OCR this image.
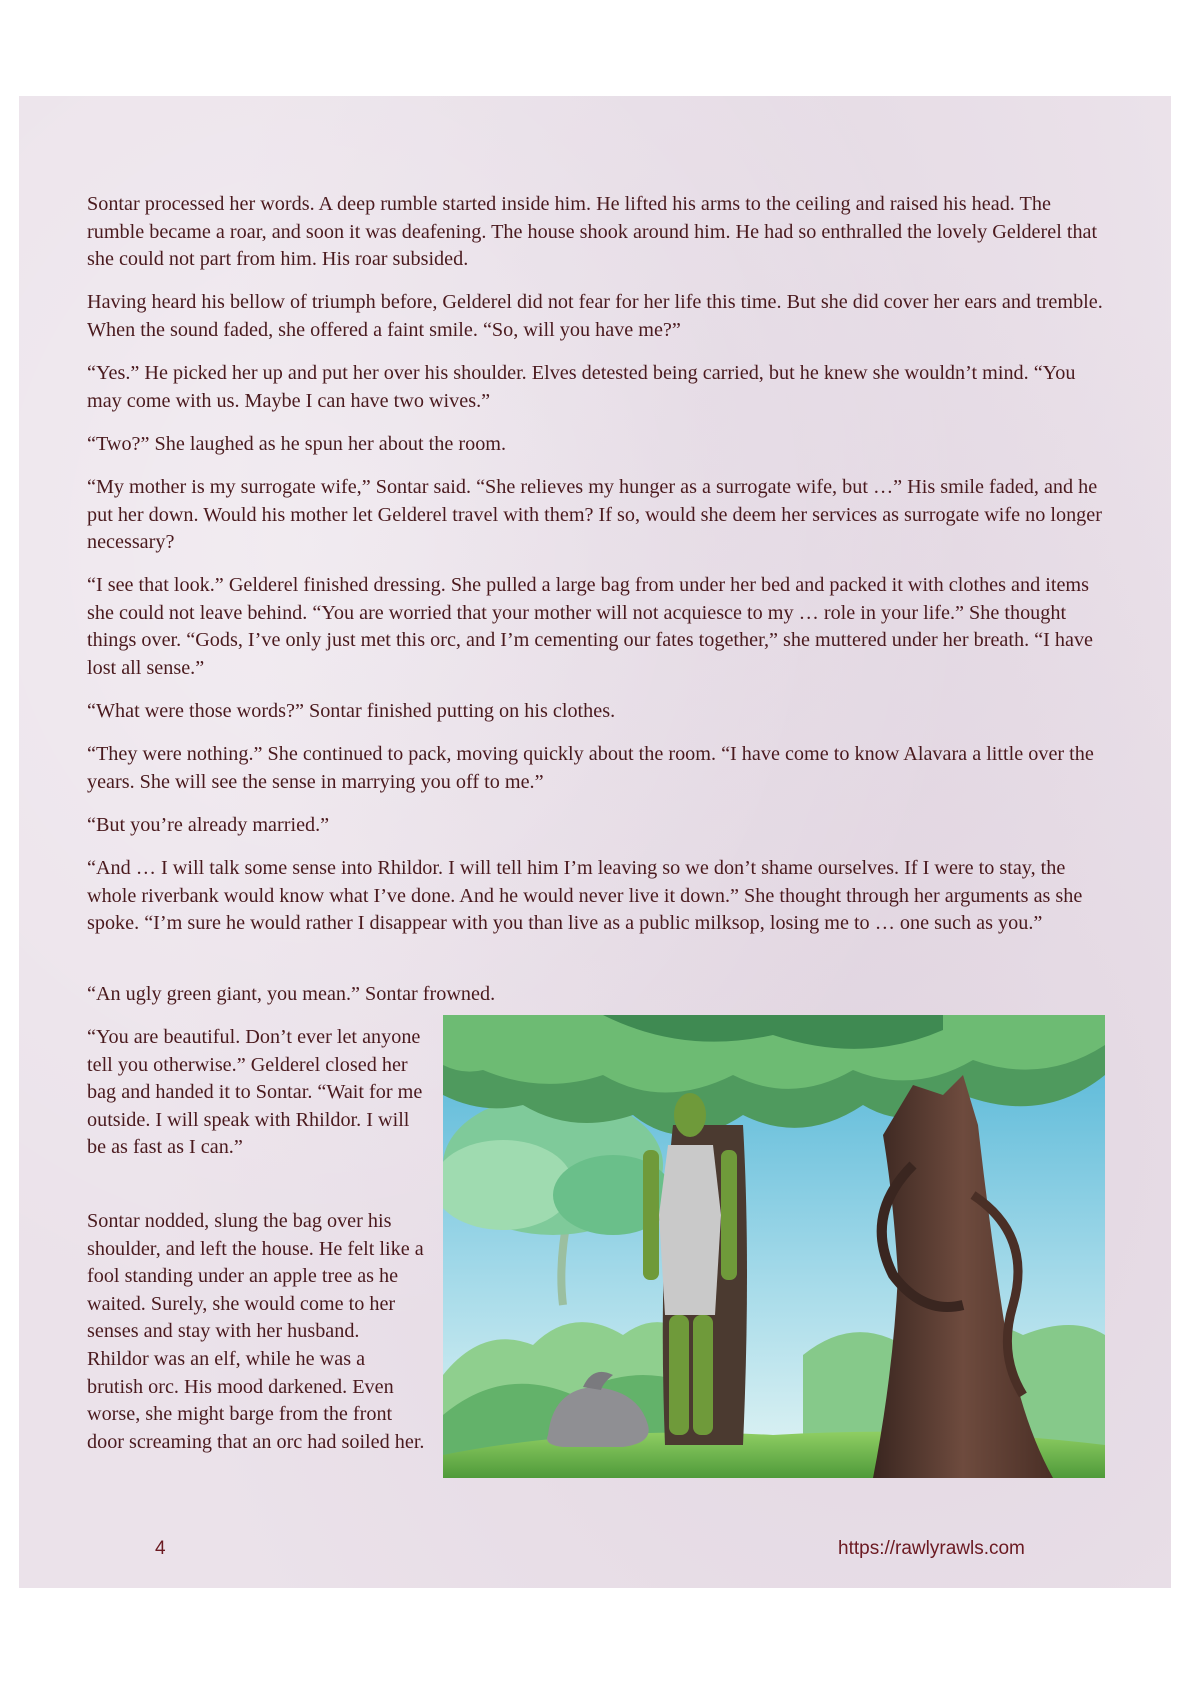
Sontar processed her words. A deep rumble started inside him. He lifted his arms to the ceiling and raised his head. The rumble became a roar, and soon it was deafening. The house shook around him. He had so enthralled the lovely Gelderel that she could not part from him. His roar subsided.

Having heard his bellow of triumph before, Gelderel did not fear for her life this time. But she did cover her ears and tremble. When the sound faded, she offered a faint smile. “So, will you have me?”

“Yes.” He picked her up and put her over his shoulder. Elves detested being carried, but he knew she wouldn’t mind. “You may come with us. Maybe I can have two wives.”

“Two?” She laughed as he spun her about the room.

“My mother is my surrogate wife,” Sontar said. “She relieves my hunger as a surrogate wife, but …” His smile faded, and he put her down. Would his mother let Gelderel travel with them? If so, would she deem her services as surrogate wife no longer necessary?

“I see that look.” Gelderel finished dressing. She pulled a large bag from under her bed and packed it with clothes and items she could not leave behind. “You are worried that your mother will not acquiesce to my … role in your life.” She thought things over. “Gods, I’ve only just met this orc, and I’m cementing our fates together,” she muttered under her breath. “I have lost all sense.”

“What were those words?” Sontar finished putting on his clothes.

“They were nothing.” She continued to pack, moving quickly about the room. “I have come to know Alavara a little over the years. She will see the sense in marrying you off to me.”

“But you’re already married.”

“And … I will talk some sense into Rhildor. I will tell him I’m leaving so we don’t shame ourselves. If I were to stay, the whole riverbank would know what I’ve done. And he would never live it down.” She thought through her arguments as she spoke. “I’m sure he would rather I disappear with you than live as a public milksop, losing me to … one such as you.”

“An ugly green giant, you mean.” Sontar frowned.

“You are beautiful. Don’t ever let anyone tell you otherwise.” Gelderel closed her bag and handed it to Sontar. “Wait for me outside. I will speak with Rhildor. I will be as fast as I can.”

Sontar nodded, slung the bag over his shoulder, and left the house. He felt like a fool standing under an apple tree as he waited. Surely, she would come to her senses and stay with her husband. Rhildor was an elf, while he was a brutish orc. His mood darkened. Even worse, she might barge from the front door screaming that an orc had soiled her.

4	https://rawlyrawls.com
